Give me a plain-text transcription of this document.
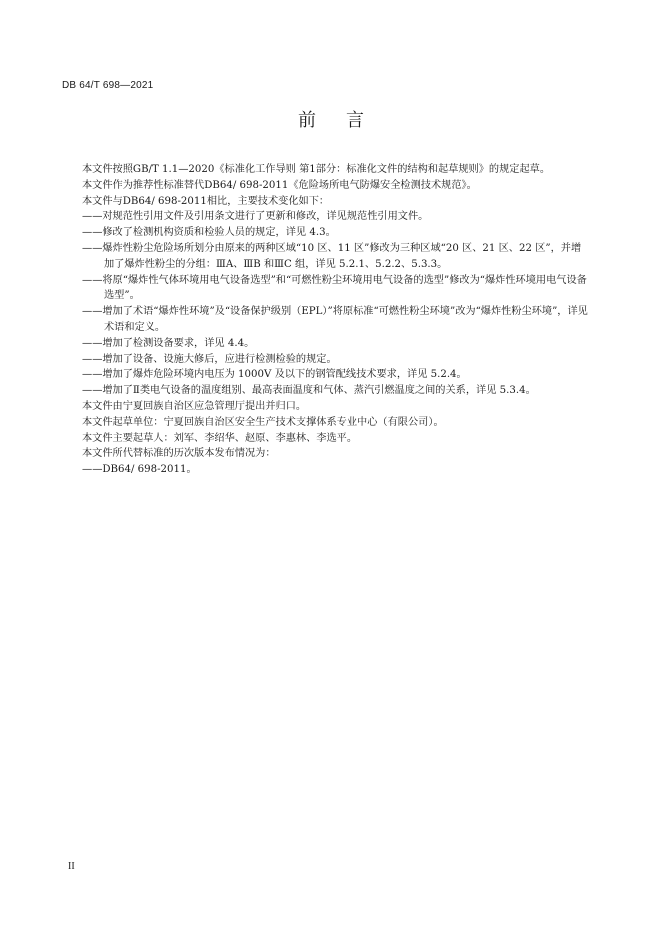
DB 64/T 698—2021
前言

本文件按照GB/T 1.1—2020《标准化工作导则 第1部分：标准化文件的结构和起草规则》的规定起草。

本文件作为推荐性标准替代DB64/ 698-2011《危险场所电气防爆安全检测技术规范》。

本文件与DB64/ 698-2011相比，主要技术变化如下：

——对规范性引用文件及引用条文进行了更新和修改，详见规范性引用文件。

——修改了检测机构资质和检验人员的规定，详见 4.3。

——爆炸性粉尘危险场所划分由原来的两种区域“10 区、11 区”修改为三种区域“20 区、21 区、22 区”，并增加了爆炸性粉尘的分组：ⅢA、ⅢB 和ⅢC 组，详见 5.2.1、5.2.2、5.3.3。

——将原“爆炸性气体环境用电气设备选型”和“可燃性粉尘环境用电气设备的选型”修改为“爆炸性环境用电气设备选型”。

——增加了术语“爆炸性环境”及“设备保护级别（EPL）”将原标准“可燃性粉尘环境”改为“爆炸性粉尘环境”，详见术语和定义。

——增加了检测设备要求，详见 4.4。

——增加了设备、设施大修后，应进行检测检验的规定。

——增加了爆炸危险环境内电压为 1000V 及以下的钢管配线技术要求，详见 5.2.4。

——增加了Ⅱ类电气设备的温度组别、最高表面温度和气体、蒸汽引燃温度之间的关系，详见 5.3.4。

本文件由宁夏回族自治区应急管理厅提出并归口。

本文件起草单位：宁夏回族自治区安全生产技术支撑体系专业中心（有限公司）。

本文件主要起草人：刘军、李绍华、赵原、李惠林、李选平。

本文件所代替标准的历次版本发布情况为：

——DB64/ 698-2011。

II
